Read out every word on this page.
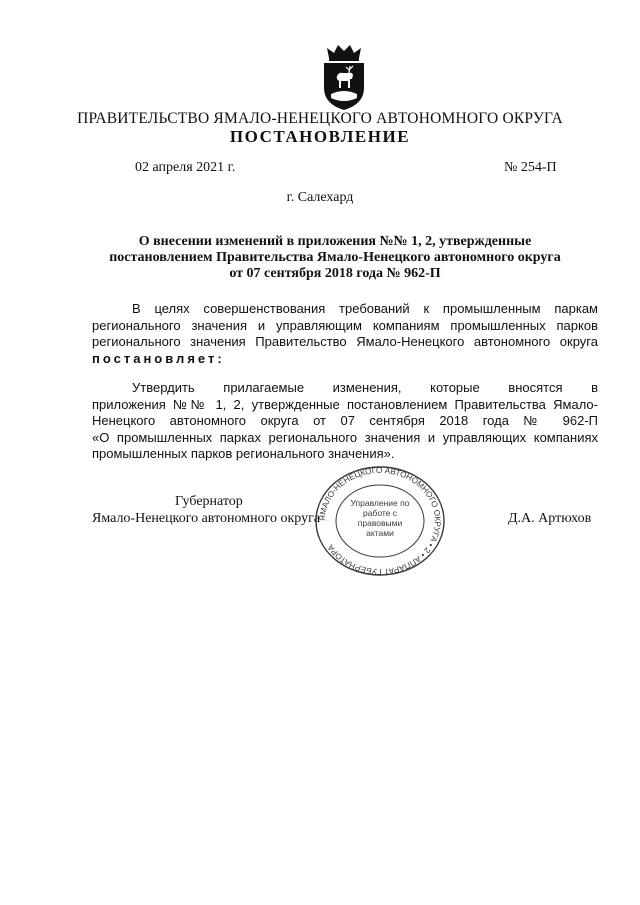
ПРАВИТЕЛЬСТВО ЯМАЛО-НЕНЕЦКОГО АВТОНОМНОГО ОКРУГА
ПОСТАНОВЛЕНИЕ
02 апреля 2021 г.	№ 254-П
г. Салехард
О внесении изменений в приложения №№ 1, 2, утвержденные
постановлением Правительства Ямало-Ненецкого автономного округа
от 07 сентября 2018 года № 962-П
В целях совершенствования требований к промышленным паркам
регионального значения и управляющим компаниям промышленных парков
регионального значения Правительство Ямало-Ненецкого автономного округа
постановляет:
Утвердить прилагаемые изменения, которые вносятся в
приложения №№ 1, 2, утвержденные постановлением Правительства Ямало-
Ненецкого автономного округа от 07 сентября 2018 года № 962-П
«О промышленных парках регионального значения и управляющих компаниях
промышленных парков регионального значения».
Губернатор
Ямало-Ненецкого автономного округа	Д.А. Артюхов
ЯМАЛО-НЕНЕЦКОГО АВТОНОМНОГО ОКРУГА • 2 • АППАРАТ ГУБЕРНАТОРА
Управление по работе с правовыми актами
